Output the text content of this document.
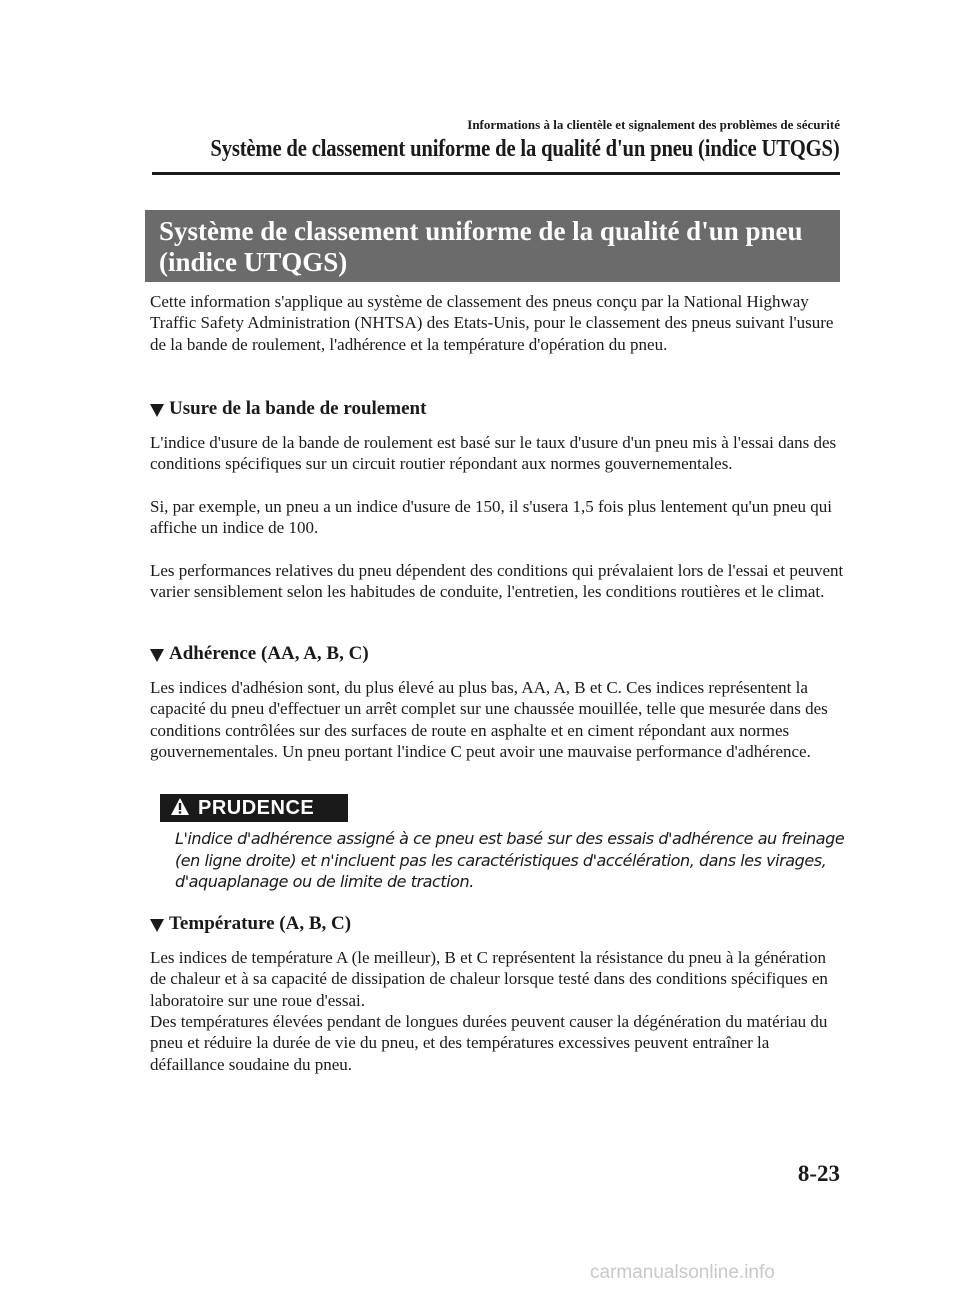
Informations à la clientèle et signalement des problèmes de sécurité
Système de classement uniforme de la qualité d'un pneu (indice UTQGS)
Système de classement uniforme de la qualité d'un pneu
(indice UTQGS)

Cette information s'applique au système de classement des pneus conçu par la National Highway Traffic Safety Administration (NHTSA) des Etats-Unis, pour le classement des pneus suivant l'usure de la bande de roulement, l'adhérence et la température d'opération du pneu.

Usure de la bande de roulement

L'indice d'usure de la bande de roulement est basé sur le taux d'usure d'un pneu mis à l'essai dans des conditions spécifiques sur un circuit routier répondant aux normes gouvernementales.

Si, par exemple, un pneu a un indice d'usure de 150, il s'usera 1,5 fois plus lentement qu'un pneu qui affiche un indice de 100.

Les performances relatives du pneu dépendent des conditions qui prévalaient lors de l'essai et peuvent varier sensiblement selon les habitudes de conduite, l'entretien, les conditions routières et le climat.

Adhérence (AA, A, B, C)

Les indices d'adhésion sont, du plus élevé au plus bas, AA, A, B et C. Ces indices représentent la capacité du pneu d'effectuer un arrêt complet sur une chaussée mouillée, telle que mesurée dans des conditions contrôlées sur des surfaces de route en asphalte et en ciment répondant aux normes gouvernementales. Un pneu portant l'indice C peut avoir une mauvaise performance d'adhérence.

PRUDENCE
L'indice d'adhérence assigné à ce pneu est basé sur des essais d'adhérence au freinage (en ligne droite) et n'incluent pas les caractéristiques d'accélération, dans les virages, d'aquaplanage ou de limite de traction.
Température (A, B, C)

Les indices de température A (le meilleur), B et C représentent la résistance du pneu à la génération de chaleur et à sa capacité de dissipation de chaleur lorsque testé dans des conditions spécifiques en laboratoire sur une roue d'essai.

Des températures élevées pendant de longues durées peuvent causer la dégénération du matériau du pneu et réduire la durée de vie du pneu, et des températures excessives peuvent entraîner la défaillance soudaine du pneu.

8-23
carmanualsonline.info
